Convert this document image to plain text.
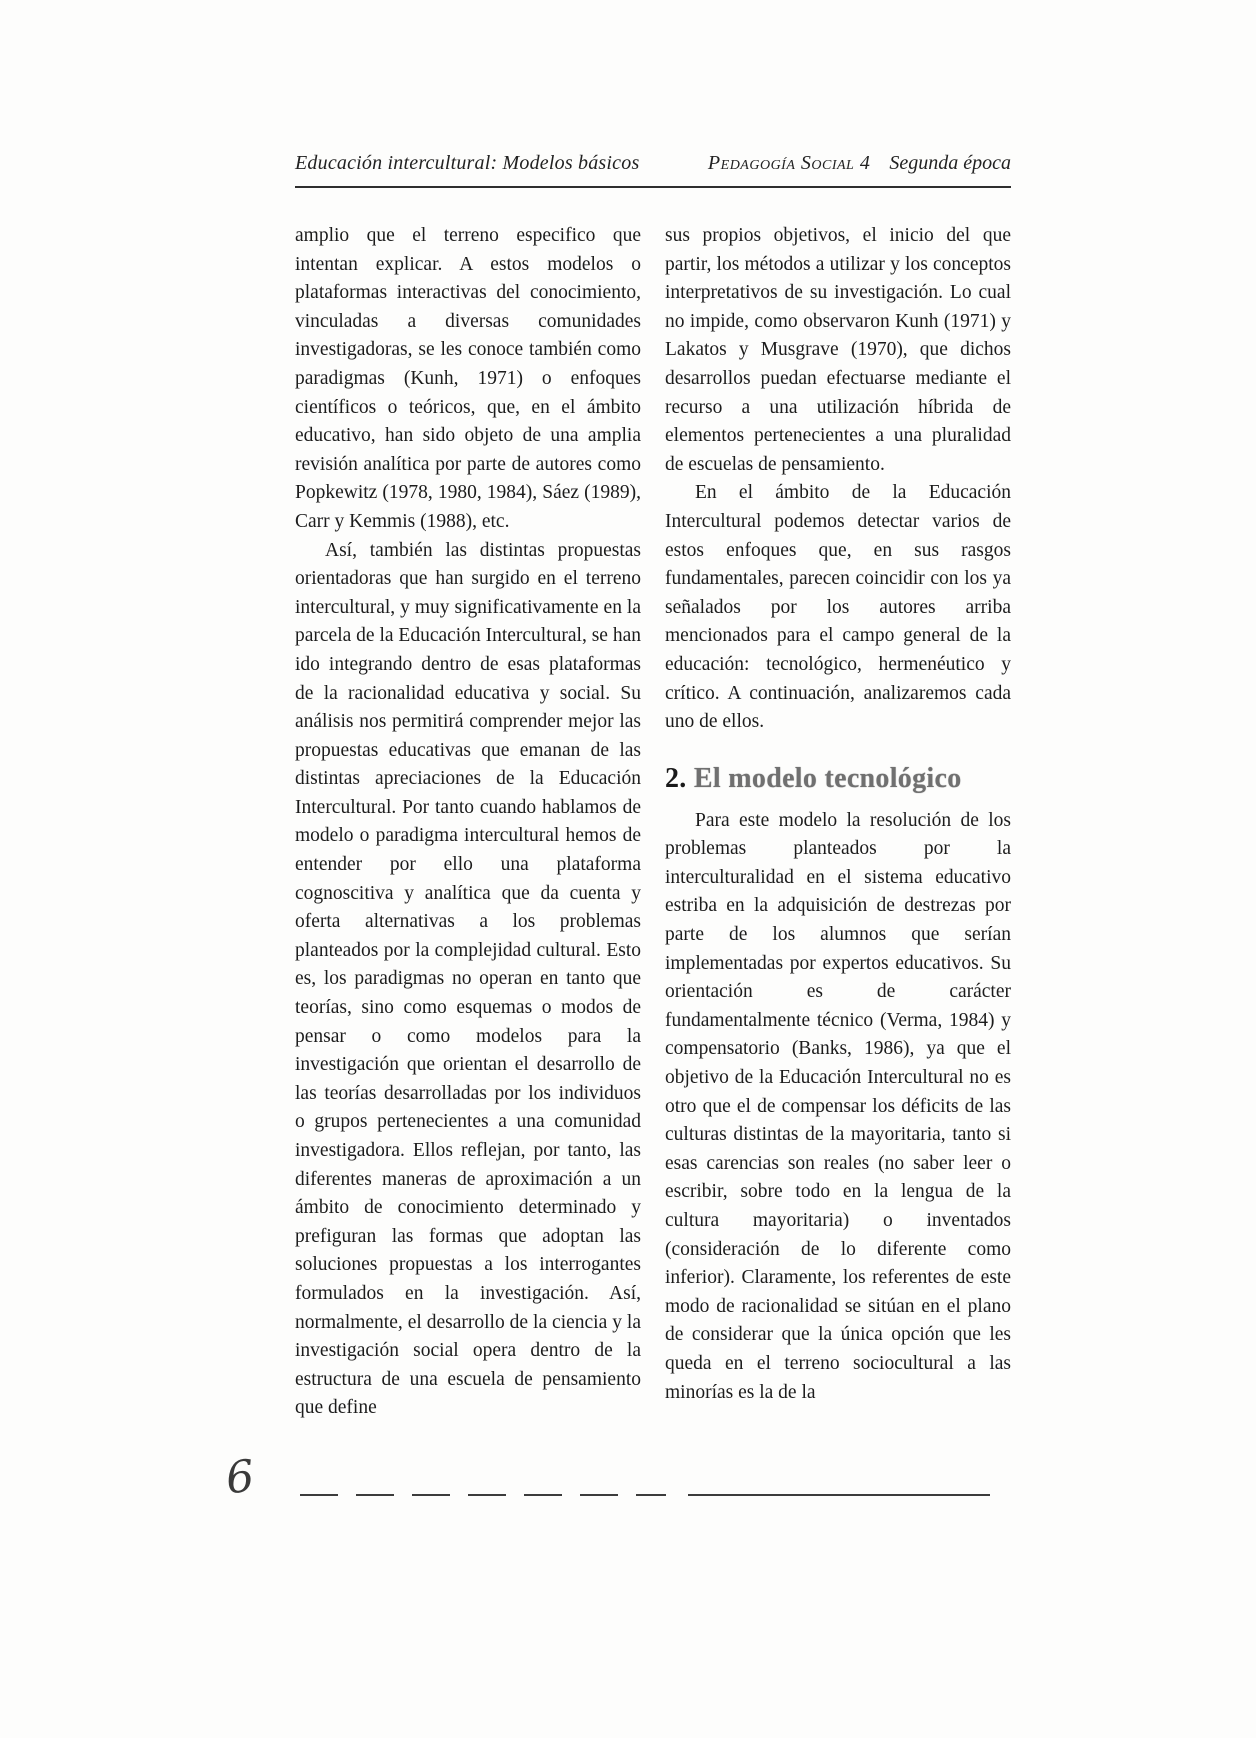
Educación intercultural: Modelos básicos	Pedagogía Social 4 Segunda época

amplio que el terreno especifico que intentan explicar. A estos modelos o plataformas interactivas del conocimiento, vinculadas a diversas comunidades investigadoras, se les conoce también como paradigmas (Kunh, 1971) o enfoques científicos o teóricos, que, en el ámbito educativo, han sido objeto de una amplia revisión analítica por parte de autores como Popkewitz (1978, 1980, 1984), Sáez (1989), Carr y Kemmis (1988), etc.

Así, también las distintas propuestas orientadoras que han surgido en el terreno intercultural, y muy significativamente en la parcela de la Educación Intercultural, se han ido integrando dentro de esas plataformas de la racionalidad educativa y social. Su análisis nos permitirá comprender mejor las propuestas educativas que emanan de las distintas apreciaciones de la Educación Intercultural. Por tanto cuando hablamos de modelo o paradigma intercultural hemos de entender por ello una plataforma cognoscitiva y analítica que da cuenta y oferta alternativas a los problemas planteados por la complejidad cultural. Esto es, los paradigmas no operan en tanto que teorías, sino como esquemas o modos de pensar o como modelos para la investigación que orientan el desarrollo de las teorías desarrolladas por los individuos o grupos pertenecientes a una comunidad investigadora. Ellos reflejan, por tanto, las diferentes maneras de aproximación a un ámbito de conocimiento determinado y prefiguran las formas que adoptan las soluciones propuestas a los interrogantes formulados en la investigación. Así, normalmente, el desarrollo de la ciencia y la investigación social opera dentro de la estructura de una escuela de pensamiento que define

sus propios objetivos, el inicio del que partir, los métodos a utilizar y los conceptos interpretativos de su investigación. Lo cual no impide, como observaron Kunh (1971) y Lakatos y Musgrave (1970), que dichos desarrollos puedan efectuarse mediante el recurso a una utilización híbrida de elementos pertenecientes a una pluralidad de escuelas de pensamiento.

En el ámbito de la Educación Intercultural podemos detectar varios de estos enfoques que, en sus rasgos fundamentales, parecen coincidir con los ya señalados por los autores arriba mencionados para el campo general de la educación: tecnológico, hermenéutico y crítico. A continuación, analizaremos cada uno de ellos.

2. El modelo tecnológico

Para este modelo la resolución de los problemas planteados por la interculturalidad en el sistema educativo estriba en la adquisición de destrezas por parte de los alumnos que serían implementadas por expertos educativos. Su orientación es de carácter fundamentalmente técnico (Verma, 1984) y compensatorio (Banks, 1986), ya que el objetivo de la Educación Intercultural no es otro que el de compensar los déficits de las culturas distintas de la mayoritaria, tanto si esas carencias son reales (no saber leer o escribir, sobre todo en la lengua de la cultura mayoritaria) o inventados (consideración de lo diferente como inferior). Claramente, los referentes de este modo de racionalidad se sitúan en el plano de considerar que la única opción que les queda en el terreno sociocultural a las minorías es la de la

6
